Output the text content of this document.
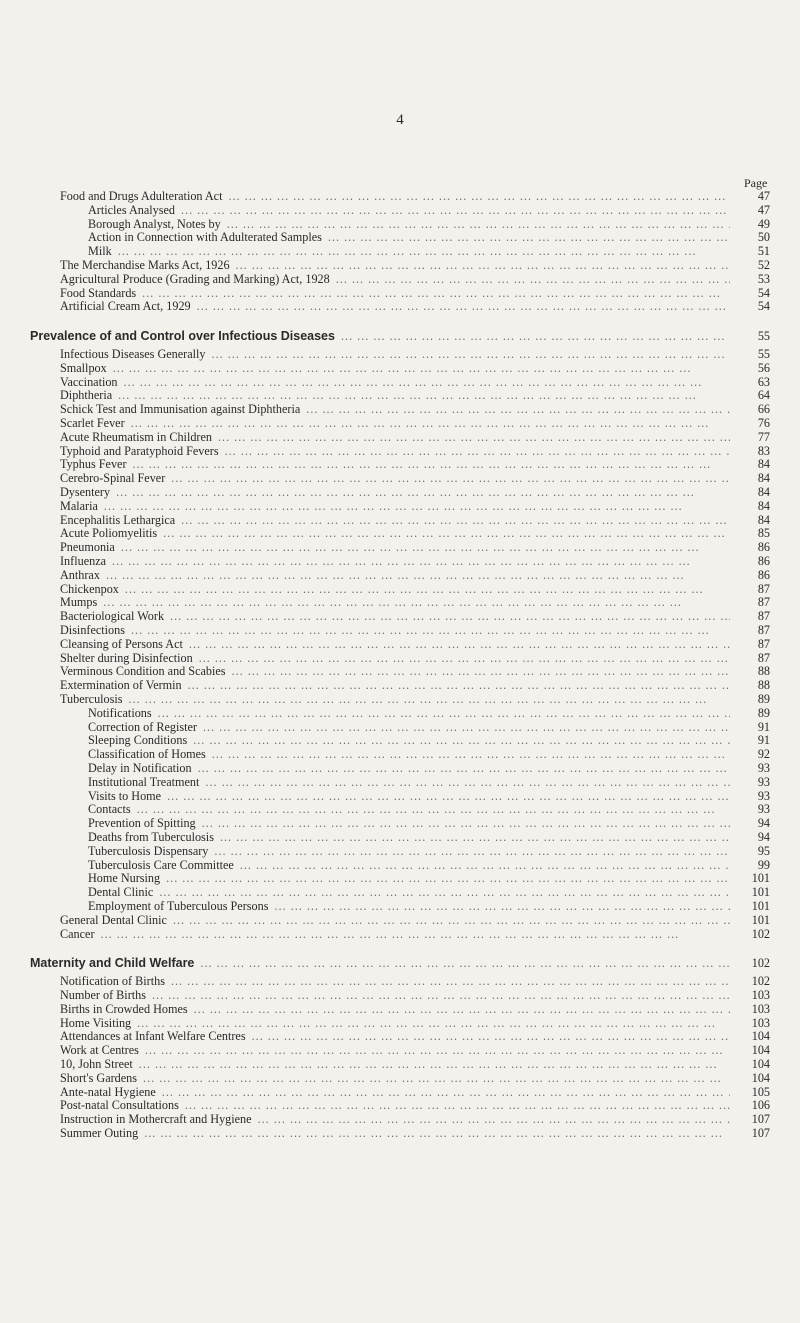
4
Page
Food and Drugs Adulteration Act ... .	47
Articles Analysed ... .	47
Borough Analyst, Notes by ... .	49
Action in Connection with Adulterated Samples ... .	50
Milk ... .	51
The Merchandise Marks Act, 1926 ... .	52
Agricultural Produce (Grading and Marking) Act, 1928 ... .	53
Food Standards ... .	54
Artificial Cream Act, 1929 ... .	54
Prevalence of and Control over Infectious Diseases ... .	55
Infectious Diseases Generally ... .	55
Smallpox ... .	56
Vaccination ... .	63
Diphtheria ... .	64
Schick Test and Immunisation against Diphtheria ... .	66
Scarlet Fever ... .	76
Acute Rheumatism in Children ... .	77
Typhoid and Paratyphoid Fevers ... .	83
Typhus Fever ... .	84
Cerebro-Spinal Fever ... .	84
Dysentery ... .	84
Malaria ... .	84
Encephalitis Lethargica ... .	84
Acute Poliomyelitis ... .	85
Pneumonia ... .	86
Influenza ... .	86
Anthrax ... .	86
Chickenpox ... .	87
Mumps ... .	87
Bacteriological Work ... .	87
Disinfections ... .	87
Cleansing of Persons Act ... .	87
Shelter during Disinfection ... .	87
Verminous Condition and Scabies ... .	88
Extermination of Vermin ... .	88
Tuberculosis ... .	89
Notifications ... .	89
Correction of Register ... .	91
Sleeping Conditions ... .	91
Classification of Homes ... .	92
Delay in Notification ... .	93
Institutional Treatment ... .	93
Visits to Home ... .	93
Contacts ... .	93
Prevention of Spitting ... .	94
Deaths from Tuberculosis ... .	94
Tuberculosis Dispensary ... .	95
Tuberculosis Care Committee ... .	99
Home Nursing ... .	101
Dental Clinic ... .	101
Employment of Tuberculous Persons ... .	101
General Dental Clinic ... .	101
Cancer ... .	102
Maternity and Child Welfare ... .	102
Notification of Births ... .	102
Number of Births ... .	103
Births in Crowded Homes ... .	103
Home Visiting ... .	103
Attendances at Infant Welfare Centres ... .	104
Work at Centres ... .	104
10, John Street ... .	104
Short's Gardens ... .	104
Ante-natal Hygiene ... .	105
Post-natal Consultations ... .	106
Instruction in Mothercraft and Hygiene ... .	107
Summer Outing ... .	107
